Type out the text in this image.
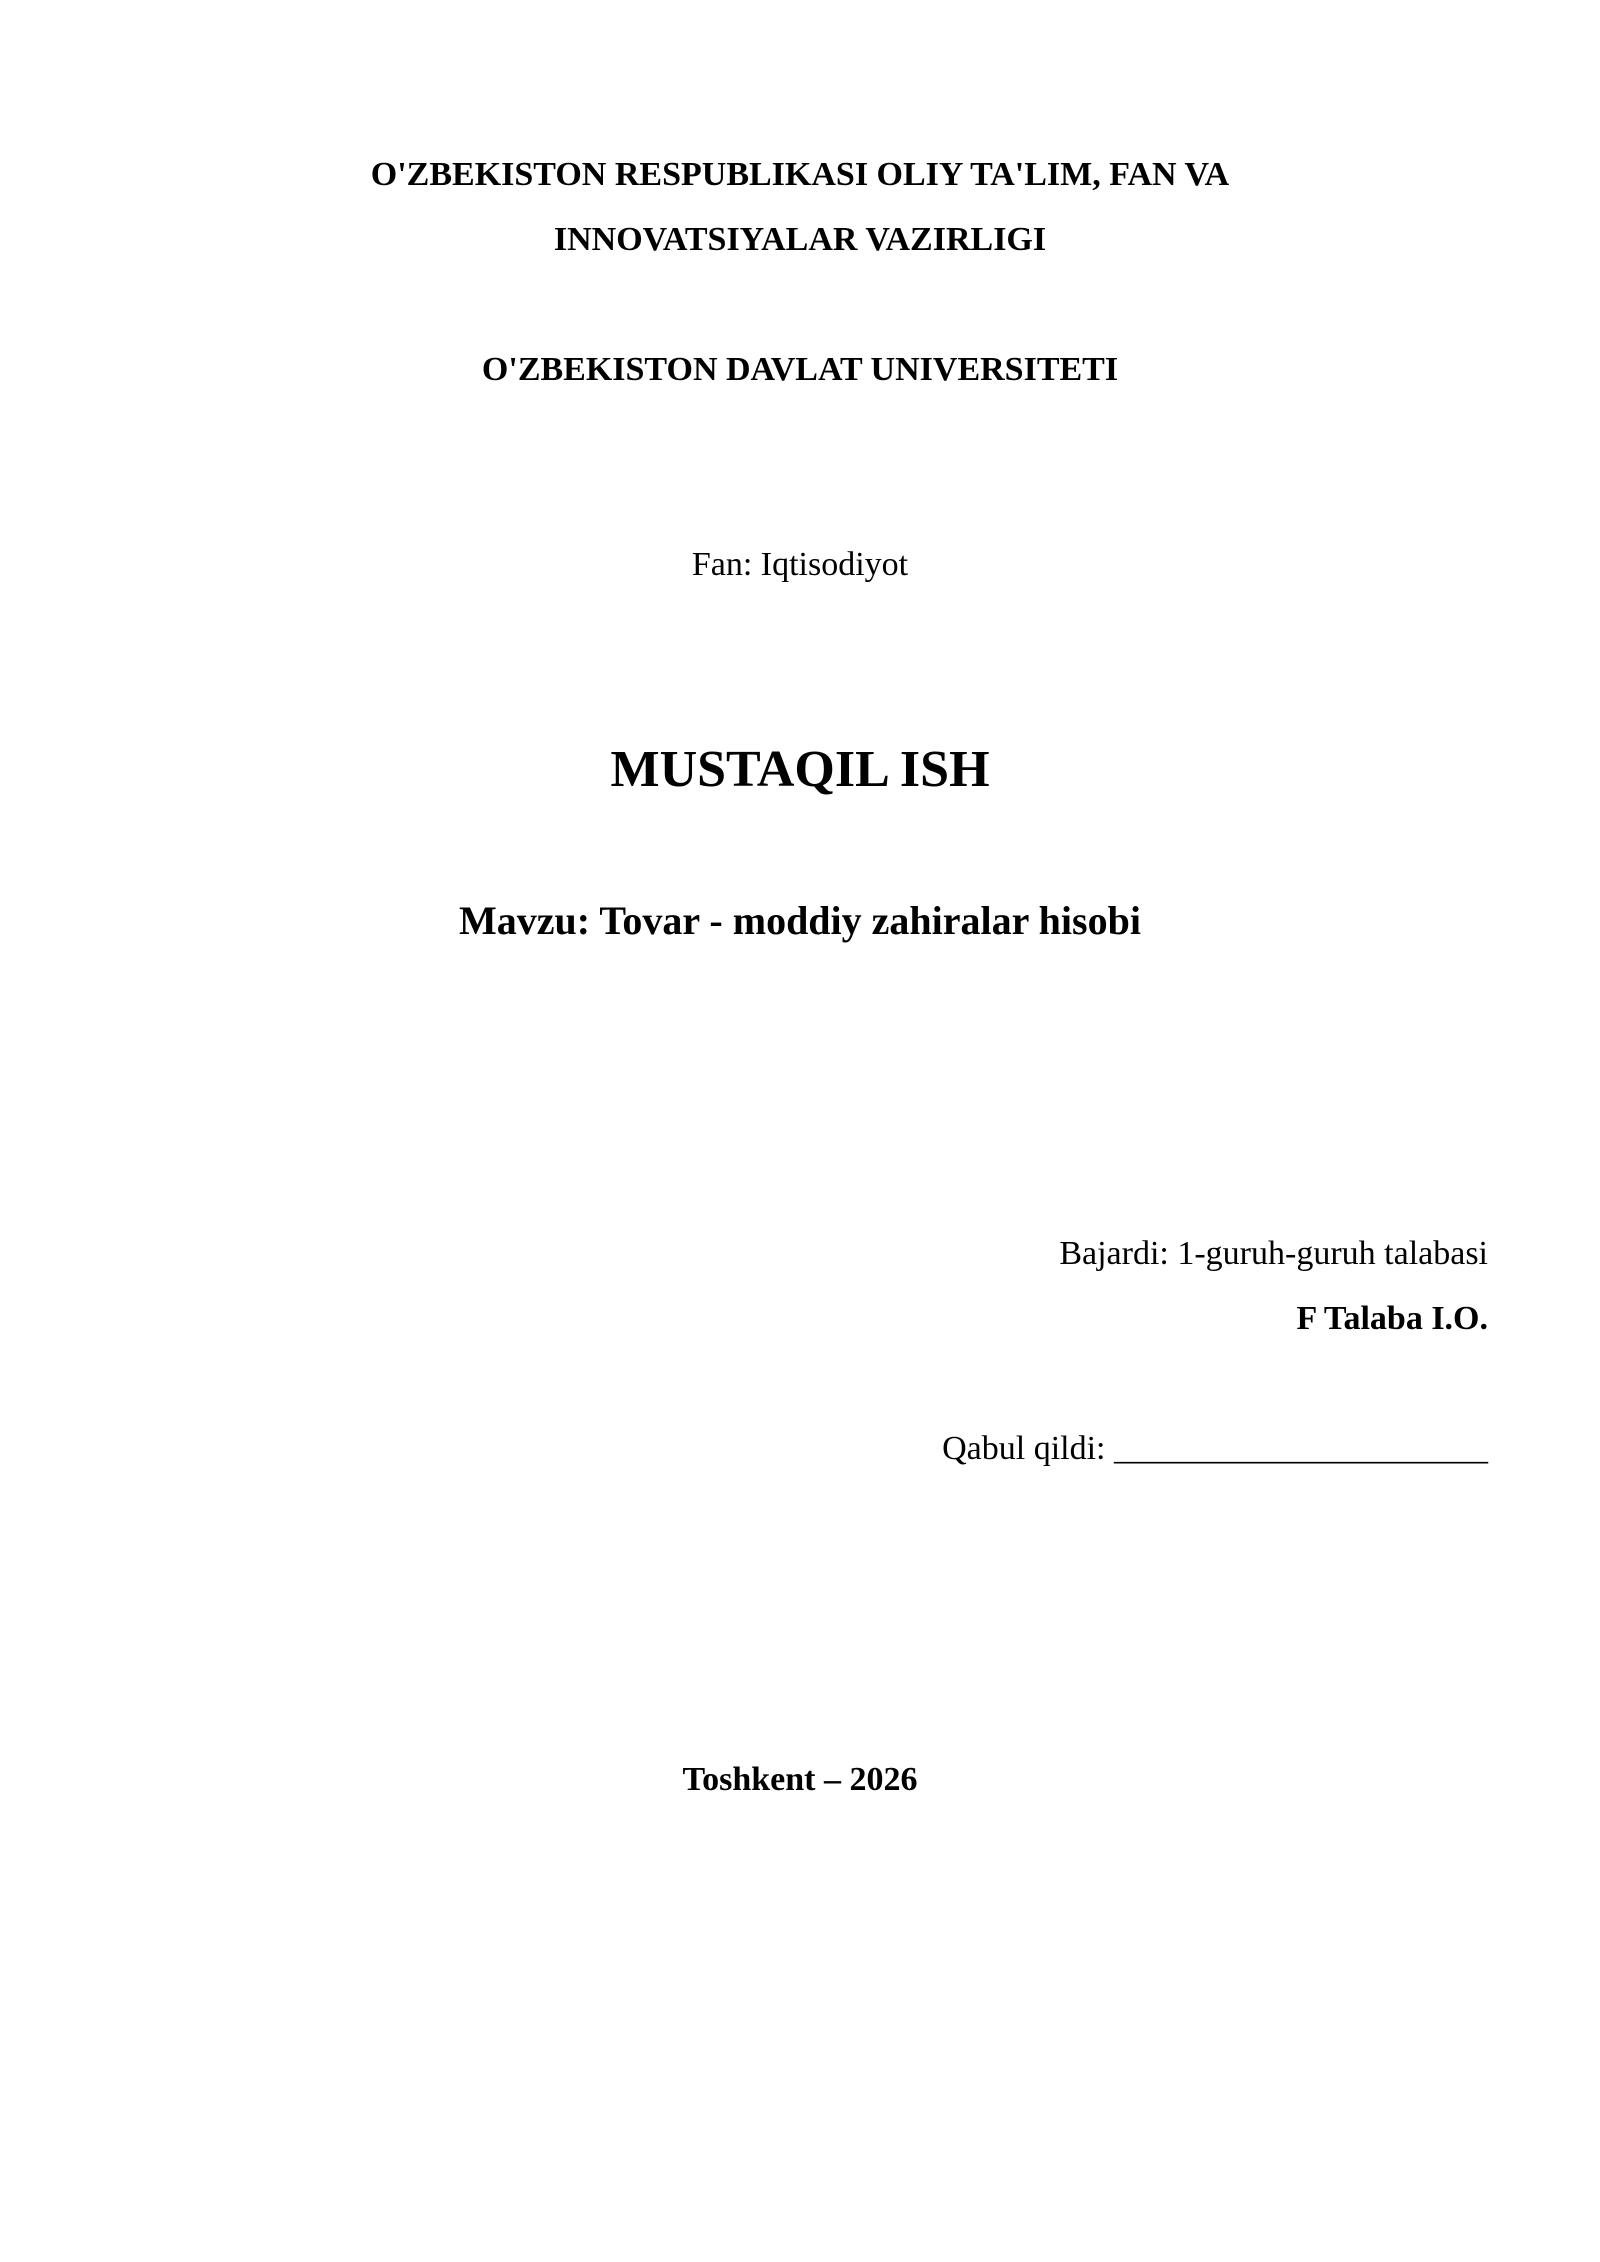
O'ZBEKISTON RESPUBLIKASI OLIY TA'LIM, FAN VA
INNOVATSIYALAR VAZIRLIGI
O'ZBEKISTON DAVLAT UNIVERSITETI
Fan: Iqtisodiyot
MUSTAQIL ISH
Mavzu: Tovar - moddiy zahiralar hisobi
Bajardi: 1-guruh-guruh talabasi
F Talaba I.O.
Qabul qildi: ______________________
Toshkent – 2026
